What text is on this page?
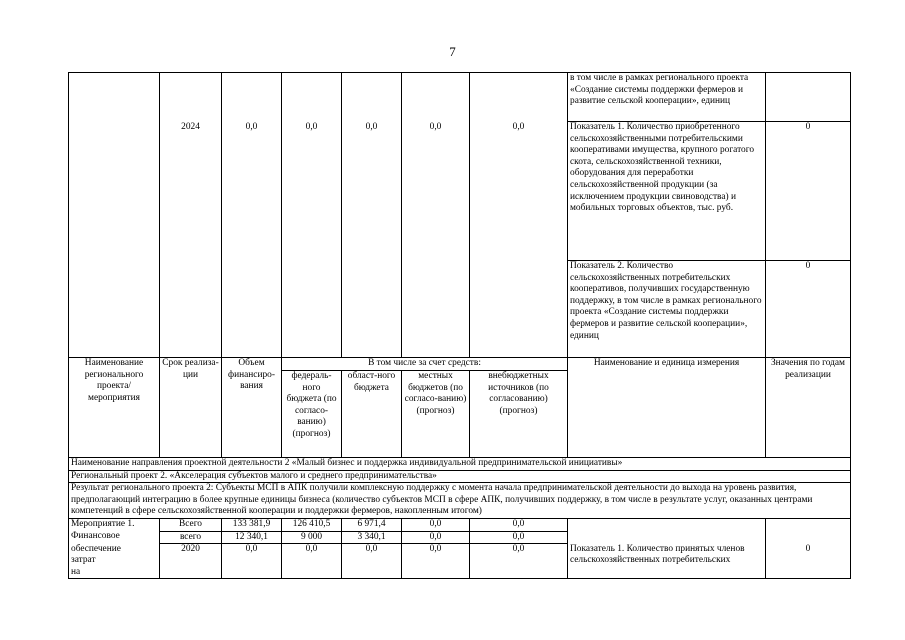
7
							в том числе в рамках регионального проекта «Создание системы поддержки фермеров и развитие сельской кооперации», единиц	
	2024	0,0	0,0	0,0	0,0	0,0	Показатель 1. Количество приобретенного сельскохозяйственными потребительскими кооперативами имущества, крупного рогатого скота, сельскохозяйственной техники, оборудования для переработки сельскохозяйственной продукции (за исключением продукции свиноводства) и мобильных торговых объектов, тыс. руб.	0
							Показатель 2. Количество сельскохозяйственных потребительских кооперативов, получивших государственную поддержку, в том числе в рамках регионального проекта «Создание системы поддержки фермеров и развитие сельской кооперации», единиц	0
Наименование регионального проекта/ мероприятия	Срок реализа-ции	Объем финансиро-вания	В том числе за счет средств:				Наименование и единица измерения	Значения по годам реализации
			федераль-ного бюджета (по согласо-ванию) (прогноз)	област-ного бюджета	местных бюджетов (по согласо-ванию) (прогноз)	внебюджетных источников (по согласованию) (прогноз)		
Наименование направления проектной деятельности 2 «Малый бизнес и поддержка индивидуальной предпринимательской инициативы»								
Региональный проект 2. «Акселерация субъектов малого и среднего предпринимательства»								
Результат регионального проекта 2: Субъекты МСП в АПК получили комплексную поддержку с момента начала предпринимательской деятельности до выхода на уровень развития, предполагающий интеграцию в более крупные единицы бизнеса (количество субъектов МСП в сфере АПК, получивших поддержку, в том числе в результате услуг, оказанных центрами компетенций в сфере сельскохозяйственной кооперации и поддержки фермеров, накопленным итогом)								
Мероприятие 1.	Всего	133 381,9	126 410,5	6 971,4	0,0	0,0		
Финансовое	всего	12 340,1	9 000	3 340,1	0,0	0,0		
обеспечение
затрат
на	2020	0,0	0,0	0,0	0,0	0,0	Показатель 1. Количество принятых членов сельскохозяйственных потребительских	0
